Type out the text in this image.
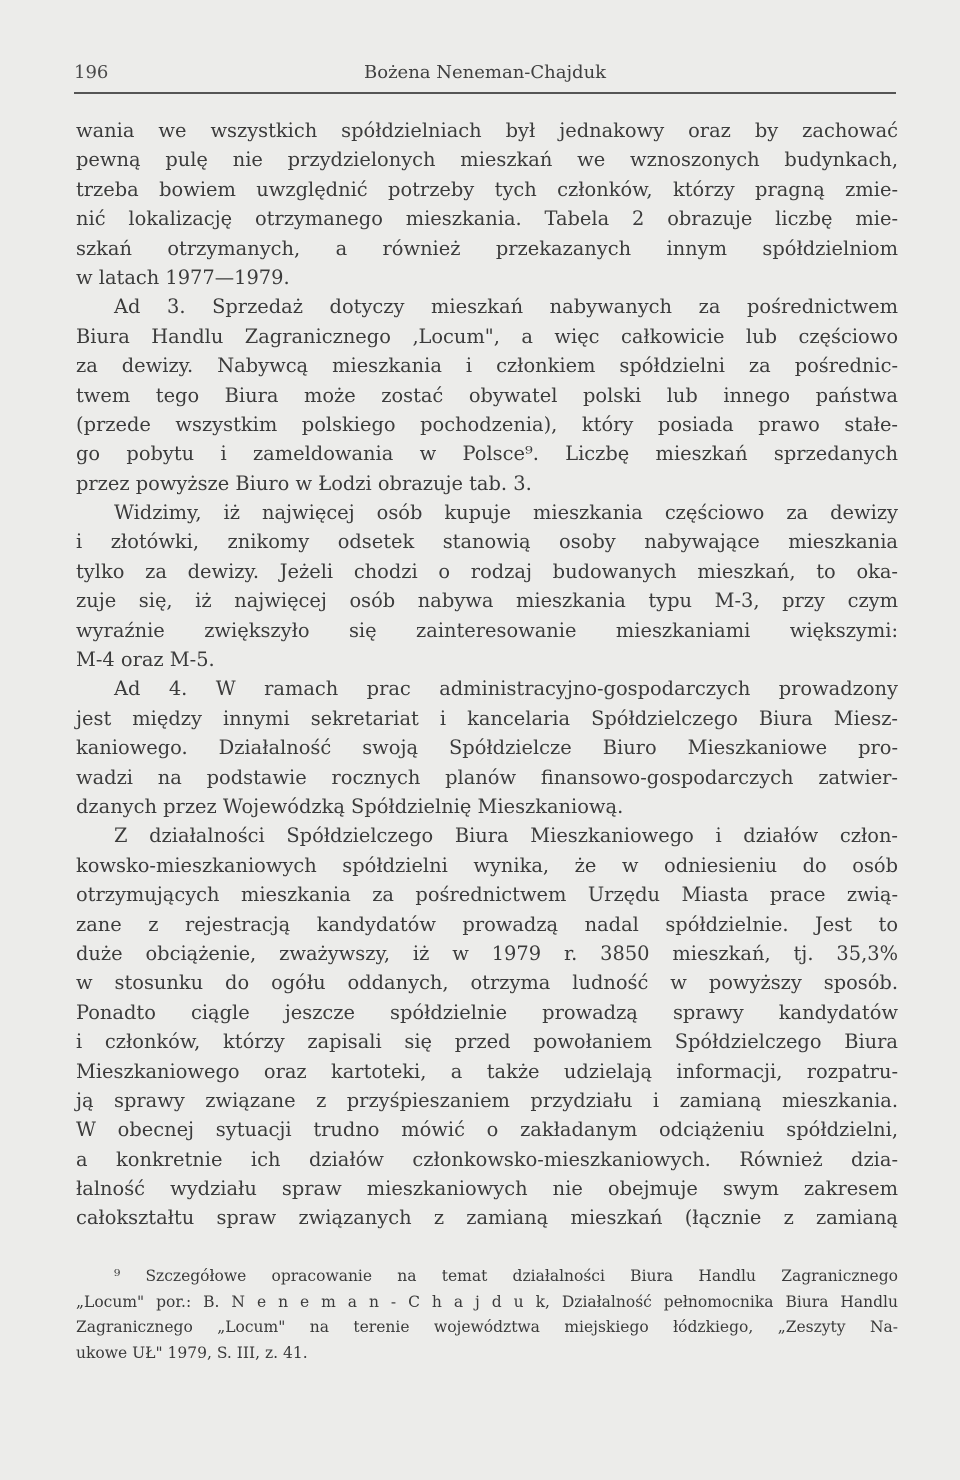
196	Bożena Neneman-Chajduk
wania we wszystkich spółdzielniach był jednakowy oraz by zachować
pewną pulę nie przydzielonych mieszkań we wznoszonych budynkach,
trzeba bowiem uwzględnić potrzeby tych członków, którzy pragną zmie-
nić lokalizację otrzymanego mieszkania. Tabela 2 obrazuje liczbę mie-
szkań otrzymanych, a również przekazanych innym spółdzielniom
w latach 1977—1979.
Ad 3. Sprzedaż dotyczy mieszkań nabywanych za pośrednictwem
Biura Handlu Zagranicznego ‚Locum", a więc całkowicie lub częściowo
za dewizy. Nabywcą mieszkania i członkiem spółdzielni za pośrednic-
twem tego Biura może zostać obywatel polski lub innego państwa
(przede wszystkim polskiego pochodzenia), który posiada prawo stałe-
go pobytu i zameldowania w Polsce⁹. Liczbę mieszkań sprzedanych
przez powyższe Biuro w Łodzi obrazuje tab. 3.
Widzimy, iż najwięcej osób kupuje mieszkania częściowo za dewizy
i złotówki, znikomy odsetek stanowią osoby nabywające mieszkania
tylko za dewizy. Jeżeli chodzi o rodzaj budowanych mieszkań, to oka-
zuje się, iż najwięcej osób nabywa mieszkania typu M-3, przy czym
wyraźnie zwiększyło się zainteresowanie mieszkaniami większymi:
M-4 oraz M-5.
Ad 4. W ramach prac administracyjno-gospodarczych prowadzony
jest między innymi sekretariat i kancelaria Spółdzielczego Biura Miesz-
kaniowego. Działalność swoją Spółdzielcze Biuro Mieszkaniowe pro-
wadzi na podstawie rocznych planów finansowo-gospodarczych zatwier-
dzanych przez Wojewódzką Spółdzielnię Mieszkaniową.
Z działalności Spółdzielczego Biura Mieszkaniowego i działów człon-
kowsko-mieszkaniowych spółdzielni wynika, że w odniesieniu do osób
otrzymujących mieszkania za pośrednictwem Urzędu Miasta prace zwią-
zane z rejestracją kandydatów prowadzą nadal spółdzielnie. Jest to
duże obciążenie, zważywszy, iż w 1979 r. 3850 mieszkań, tj. 35,3%
w stosunku do ogółu oddanych, otrzyma ludność w powyższy sposób.
Ponadto ciągle jeszcze spółdzielnie prowadzą sprawy kandydatów
i członków, którzy zapisali się przed powołaniem Spółdzielczego Biura
Mieszkaniowego oraz kartoteki, a także udzielają informacji, rozpatru-
ją sprawy związane z przyśpieszaniem przydziału i zamianą mieszkania.
W obecnej sytuacji trudno mówić o zakładanym odciążeniu spółdzielni,
a konkretnie ich działów członkowsko-mieszkaniowych. Również dzia-
łalność wydziału spraw mieszkaniowych nie obejmuje swym zakresem
całokształtu spraw związanych z zamianą mieszkań (łącznie z zamianą
⁹ Szczegółowe opracowanie na temat działalności Biura Handlu Zagranicznego
„Locum" por.: B. N e n e m a n - C h a j d u k, Działalność pełnomocnika Biura Handlu
Zagranicznego „Locum" na terenie województwa miejskiego łódzkiego, „Zeszyty Na-
ukowe UŁ" 1979, S. III, z. 41.
